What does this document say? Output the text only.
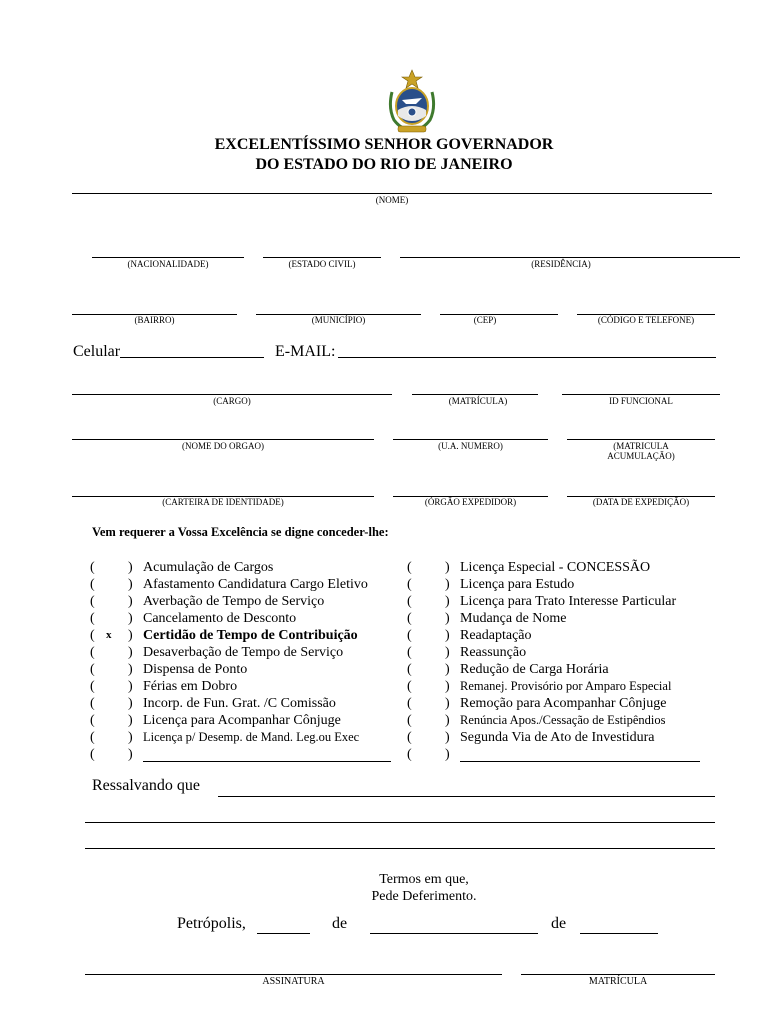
EXCELENTÍSSIMO SENHOR GOVERNADOR
DO ESTADO DO RIO DE JANEIRO
(NOME)
(NACIONALIDADE)	(ESTADO CIVIL)	(RESIDÊNCIA)
(BAIRRO)	(MUNICÍPIO)	(CEP)	(CÓDIGO E TELEFONE)
Celular	E-MAIL:
(CARGO)	(MATRÍCULA)	ID FUNCIONAL
(NOME DO ORGAO)	(U.A. NUMERO)	(MATRICULA
ACUMULAÇÃO)
(CARTEIRA DE IDENTIDADE)	(ÓRGÃO EXPEDIDOR)	(DATA DE EXPEDIÇÃO)
Vem requerer a Vossa Excelência se digne conceder-lhe:
( ) Acumulação de Cargos
( ) Afastamento Candidatura Cargo Eletivo
( ) Averbação de Tempo de Serviço
( ) Cancelamento de Desconto
( x ) Certidão de Tempo de Contribuição
( ) Desaverbação de Tempo de Serviço
( ) Dispensa de Ponto
( ) Férias em Dobro
( ) Incorp. de Fun. Grat. /C Comissão
( ) Licença para Acompanhar Cônjuge
( ) Licença p/ Desemp. de Mand. Leg.ou Exec
( )
( ) Licença Especial - CONCESSÃO
( ) Licença para Estudo
( ) Licença para Trato Interesse Particular
( ) Mudança de Nome
( ) Readaptação
( ) Reassunção
( ) Redução de Carga Horária
( ) Remanej. Provisório por Amparo Especial
( ) Remoção para Acompanhar Cônjuge
( ) Renúncia Apos./Cessação de Estipêndios
( ) Segunda Via de Ato de Investidura
( )
Ressalvando que
Termos em que,
Pede Deferimento.
Petrópolis,	de	de
ASSINATURA	MATRÍCULA
